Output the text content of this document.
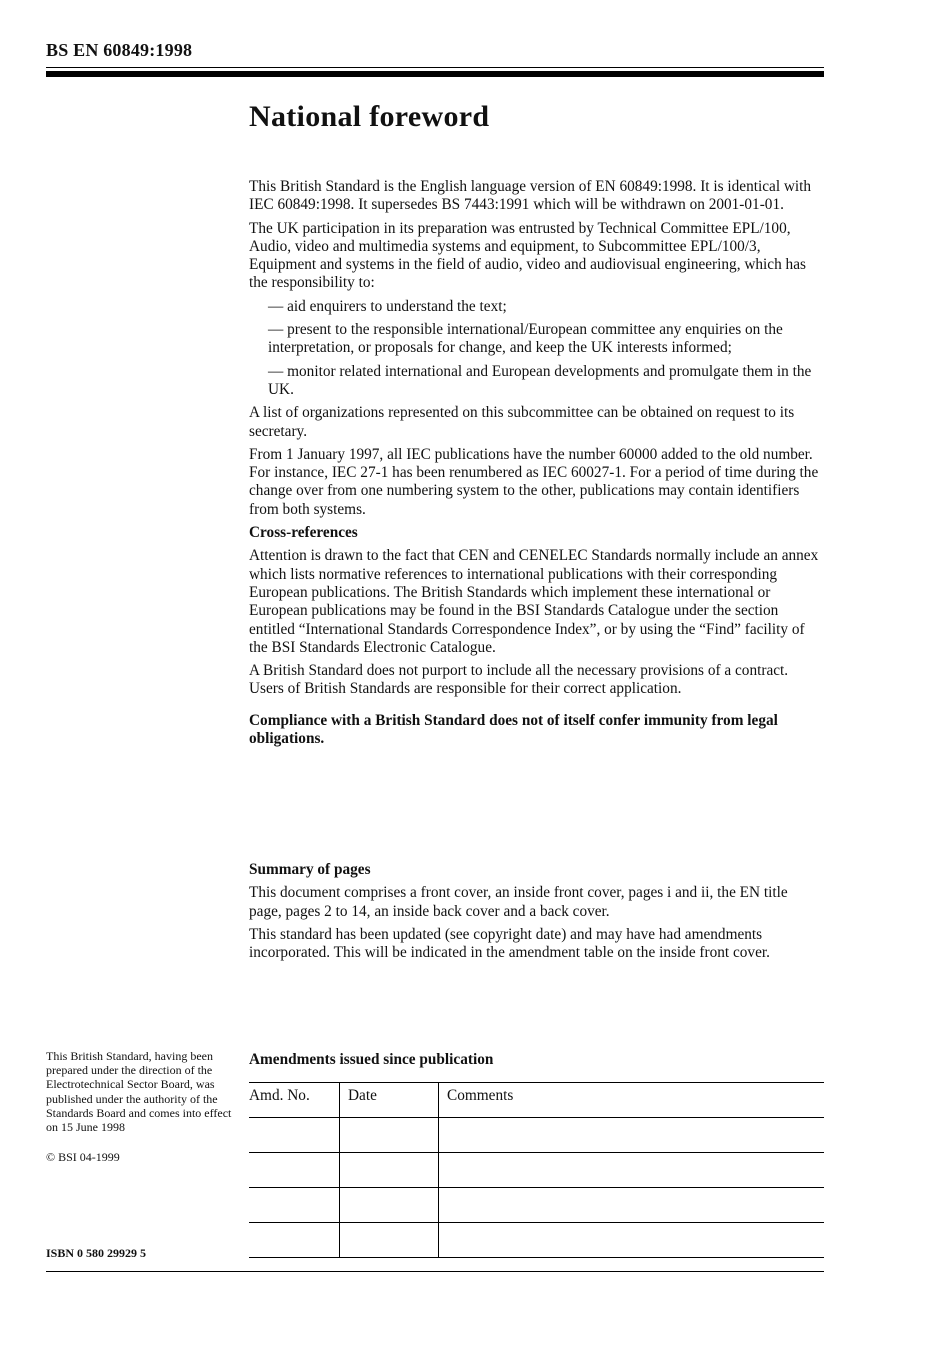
BS EN 60849:1998
National foreword

This British Standard is the English language version of EN 60849:1998. It is identical with IEC 60849:1998. It supersedes BS 7443:1991 which will be withdrawn on 2001-01-01.

The UK participation in its preparation was entrusted by Technical Committee EPL/100, Audio, video and multimedia systems and equipment, to Subcommittee EPL/100/3, Equipment and systems in the field of audio, video and audiovisual engineering, which has the responsibility to:

— aid enquirers to understand the text;

— present to the responsible international/European committee any enquiries on the interpretation, or proposals for change, and keep the UK interests informed;

— monitor related international and European developments and promulgate them in the UK.

A list of organizations represented on this subcommittee can be obtained on request to its secretary.

From 1 January 1997, all IEC publications have the number 60000 added to the old number. For instance, IEC 27-1 has been renumbered as IEC 60027-1. For a period of time during the change over from one numbering system to the other, publications may contain identifiers from both systems.

Cross-references

Attention is drawn to the fact that CEN and CENELEC Standards normally include an annex which lists normative references to international publications with their corresponding European publications. The British Standards which implement these international or European publications may be found in the BSI Standards Catalogue under the section entitled “International Standards Correspondence Index”, or by using the “Find” facility of the BSI Standards Electronic Catalogue.

A British Standard does not purport to include all the necessary provisions of a contract. Users of British Standards are responsible for their correct application.

Compliance with a British Standard does not of itself confer immunity from legal obligations.

Summary of pages

This document comprises a front cover, an inside front cover, pages i and ii, the EN title page, pages 2 to 14, an inside back cover and a back cover.

This standard has been updated (see copyright date) and may have had amendments incorporated. This will be indicated in the amendment table on the inside front cover.

This British Standard, having been prepared under the direction of the Electrotechnical Sector Board, was published under the authority of the Standards Board and comes into effect on 15 June 1998
© BSI 04-1999
ISBN 0 580 29929 5
Amendments issued since publication
Amd. No.	Date	Comments
